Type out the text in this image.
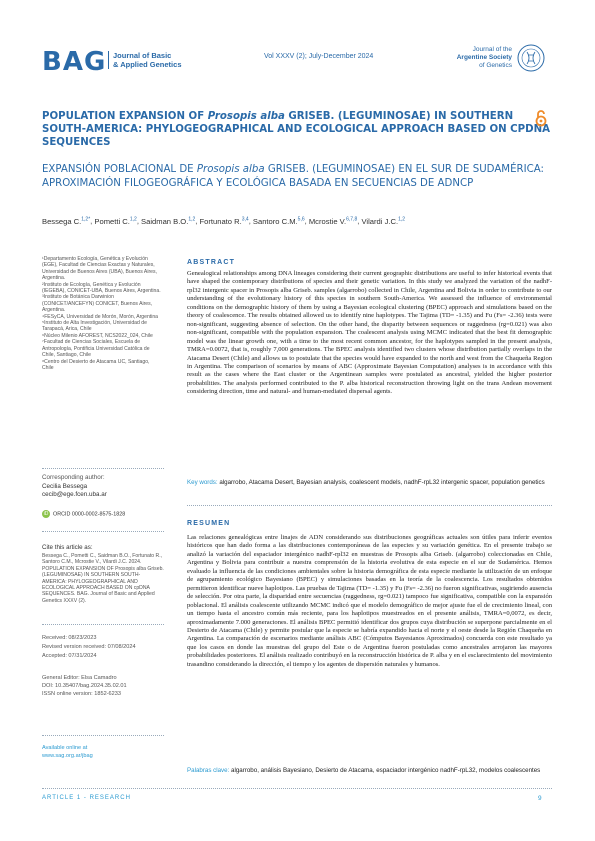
BAG Journal of Basic
& Applied Genetics
Vol XXXV (2); July-December 2024
Journal of the
Argentine Society
of Genetics
POPULATION EXPANSION OF Prosopis alba GRISEB. (LEGUMINOSAE) IN SOUTHERN SOUTH-AMERICA: PHYLOGEOGRAPHICAL AND ECOLOGICAL APPROACH BASED ON CPDNA SEQUENCES
EXPANSIÓN POBLACIONAL DE Prosopis alba GRISEB. (LEGUMINOSAE) EN EL SUR DE SUDAMÉRICA: APROXIMACIÓN FILOGEOGRÁFICA Y ECOLÓGICA BASADA EN SECUENCIAS DE ADNCP
Bessega C.$^{1,2*}$, Pometti C.$^{1,2}$, Saidman B.O.$^{1,2}$, Fortunato R.$^{3,4}$, Santoro C.M.$^{5,6}$, Mcrostie V.$^{6,7,8}$, Vilardi J.C.$^{1,2}$
¹Departamento Ecología, Genética y Evolución (EGE), Facultad de Ciencias Exactas y Naturales, Universidad de Buenos Aires (UBA), Buenos Aires, Argentina.
²Instituto de Ecología, Genética y Evolución (IEGEBA), CONICET-UBA, Buenos Aires, Argentina.
³Instituto de Botánica Darwinion (CONICET/ANCEFYN) CONICET, Buenos Aires, Argentina.
⁴FESyCA, Universidad de Morón, Morón, Argentina
⁵Instituto de Alta Investigación, Universidad de Tarapacá, Arica, Chile
⁶Núcleo Milenio AFOREST, NCS2022_024, Chile
⁷Facultad de Ciencias Sociales, Escuela de Antropología, Pontificia Universidad Católica de Chile, Santiago, Chile
⁸Centro del Desierto de Atacama UC, Santiago, Chile
Corresponding author:
Cecilia Bessega
cecib@ege.fcen.uba.ar
iD ORCID 0000-0002-8575-1828
Cite this article as:
Bessega C., Pometti C., Saidman B.O., Fortunato R., Santoro C.M., Mcrostie V., Vilardi J.C. 2024. POPULATION EXPANSION OF Prosopis alba Griseb. (LEGUMINOSAE) IN SOUTHERN SOUTH-AMERICA: PHYLOGEOGRAPHICAL AND ECOLOGICAL APPROACH BASED ON cpDNA SEQUENCES. BAG. Journal of Basic and Applied Genetics XXXV (2).
Received: 08/23/2023
Revised version received: 07/08/2024
Accepted: 07/31/2024
General Editor: Elsa Camadro
DOI: 10.35407/bag.2024.35.02.01
ISSN online version: 1852-6233
Available online at
www.sag.org.ar/jbag
ABSTRACT
Genealogical relationships among DNA lineages considering their current geographic distributions are useful to infer historical events that have shaped the contemporary distributions of species and their genetic variation. In this study we analyzed the variation of the nadhF-rpl32 intergenic spacer in Prosopis alba Griseb. samples (algarrobo) collected in Chile, Argentina and Bolivia in order to contribute to our understanding of the evolutionary history of this species in southern South-America. We assessed the influence of environmental conditions on the demographic history of them by using a Bayesian ecological clustering (BPEC) approach and simulations based on the theory of coalescence. The results obtained allowed us to identify nine haplotypes. The Tajima (TD= -1.35) and Fu (Fs= -2.36) tests were non-significant, suggesting absence of selection. On the other hand, the disparity between sequences or raggedness (rg=0.021) was also non-significant, compatible with the population expansion. The coalescent analysis using MCMC indicated that the best fit demographic model was the linear growth one, with a time to the most recent common ancestor, for the haplotypes sampled in the present analysis, TMRA=0.0072, that is, roughly 7,000 generations. The BPEC analysis identified two clusters whose distribution partially overlaps in the Atacama Desert (Chile) and allows us to postulate that the species would have expanded to the north and west from the Chaqueña Region in Argentina. The comparison of scenarios by means of ABC (Approximate Bayesian Computation) analyses is in accordance with this result as the cases where the East cluster or the Argentinean samples were postulated as ancestral, yielded the higher posterior probabilities. The analysis performed contributed to the P. alba historical reconstruction throwing light on the trans Andean movement considering direction, time and natural- and human-mediated dispersal agents.
Key words: algarrobo, Atacama Desert, Bayesian analysis, coalescent models, nadhF-rpL32 intergenic spacer, population genetics
RESUMEN
Las relaciones genealógicas entre linajes de ADN considerando sus distribuciones geográficas actuales son útiles para inferir eventos históricos que han dado forma a las distribuciones contemporáneas de las especies y su variación genética. En el presente trabajo se analizó la variación del espaciador intergénico nadhF-rpl32 en muestras de Prosopis alba Griseb. (algarrobo) coleccionadas en Chile, Argentina y Bolivia para contribuir a nuestra comprensión de la historia evolutiva de esta especie en el sur de Sudamérica. Hemos evaluado la influencia de las condiciones ambientales sobre la historia demográfica de esta especie mediante la utilización de un enfoque de agrupamiento ecológico Bayesiano (BPEC) y simulaciones basadas en la teoría de la coalescencia. Los resultados obtenidos permitieron identificar nueve haplotipos. Las pruebas de Tajima (TD= -1.35) y Fu (Fs= -2.36) no fueron significativas, sugiriendo ausencia de selección. Por otra parte, la disparidad entre secuencias (raggedness, rg=0.021) tampoco fue significativa, compatible con la expansión poblacional. El análisis coalescente utilizando MCMC indicó que el modelo demográfico de mejor ajuste fue el de crecimiento lineal, con un tiempo hasta el ancestro común más reciente, para los haplotipos muestreados en el presente análisis, TMRA=0,0072, es decir, aproximadamente 7.000 generaciones. El análisis BPEC permitió identificar dos grupos cuya distribución se superpone parcialmente en el Desierto de Atacama (Chile) y permite postular que la especie se habría expandido hacia el norte y el oeste desde la Región Chaqueña en Argentina. La comparación de escenarios mediante análisis ABC (Cómputos Bayesianos Aproximados) concuerda con este resultado ya que los casos en donde las muestras del grupo del Este o de Argentina fueron postuladas como ancestrales arrojaron las mayores probabilidades posteriores. El análisis realizado contribuyó en la reconstrucción histórica de P. alba y en el esclarecimiento del movimiento trasandino considerando la dirección, el tiempo y los agentes de dispersión naturales y humanos.
Palabras clave: algarrobo, análisis Bayesiano, Desierto de Atacama, espaciador intergénico nadhF-rpL32, modelos coalescentes
ARTICLE 1 - RESEARCH	9
